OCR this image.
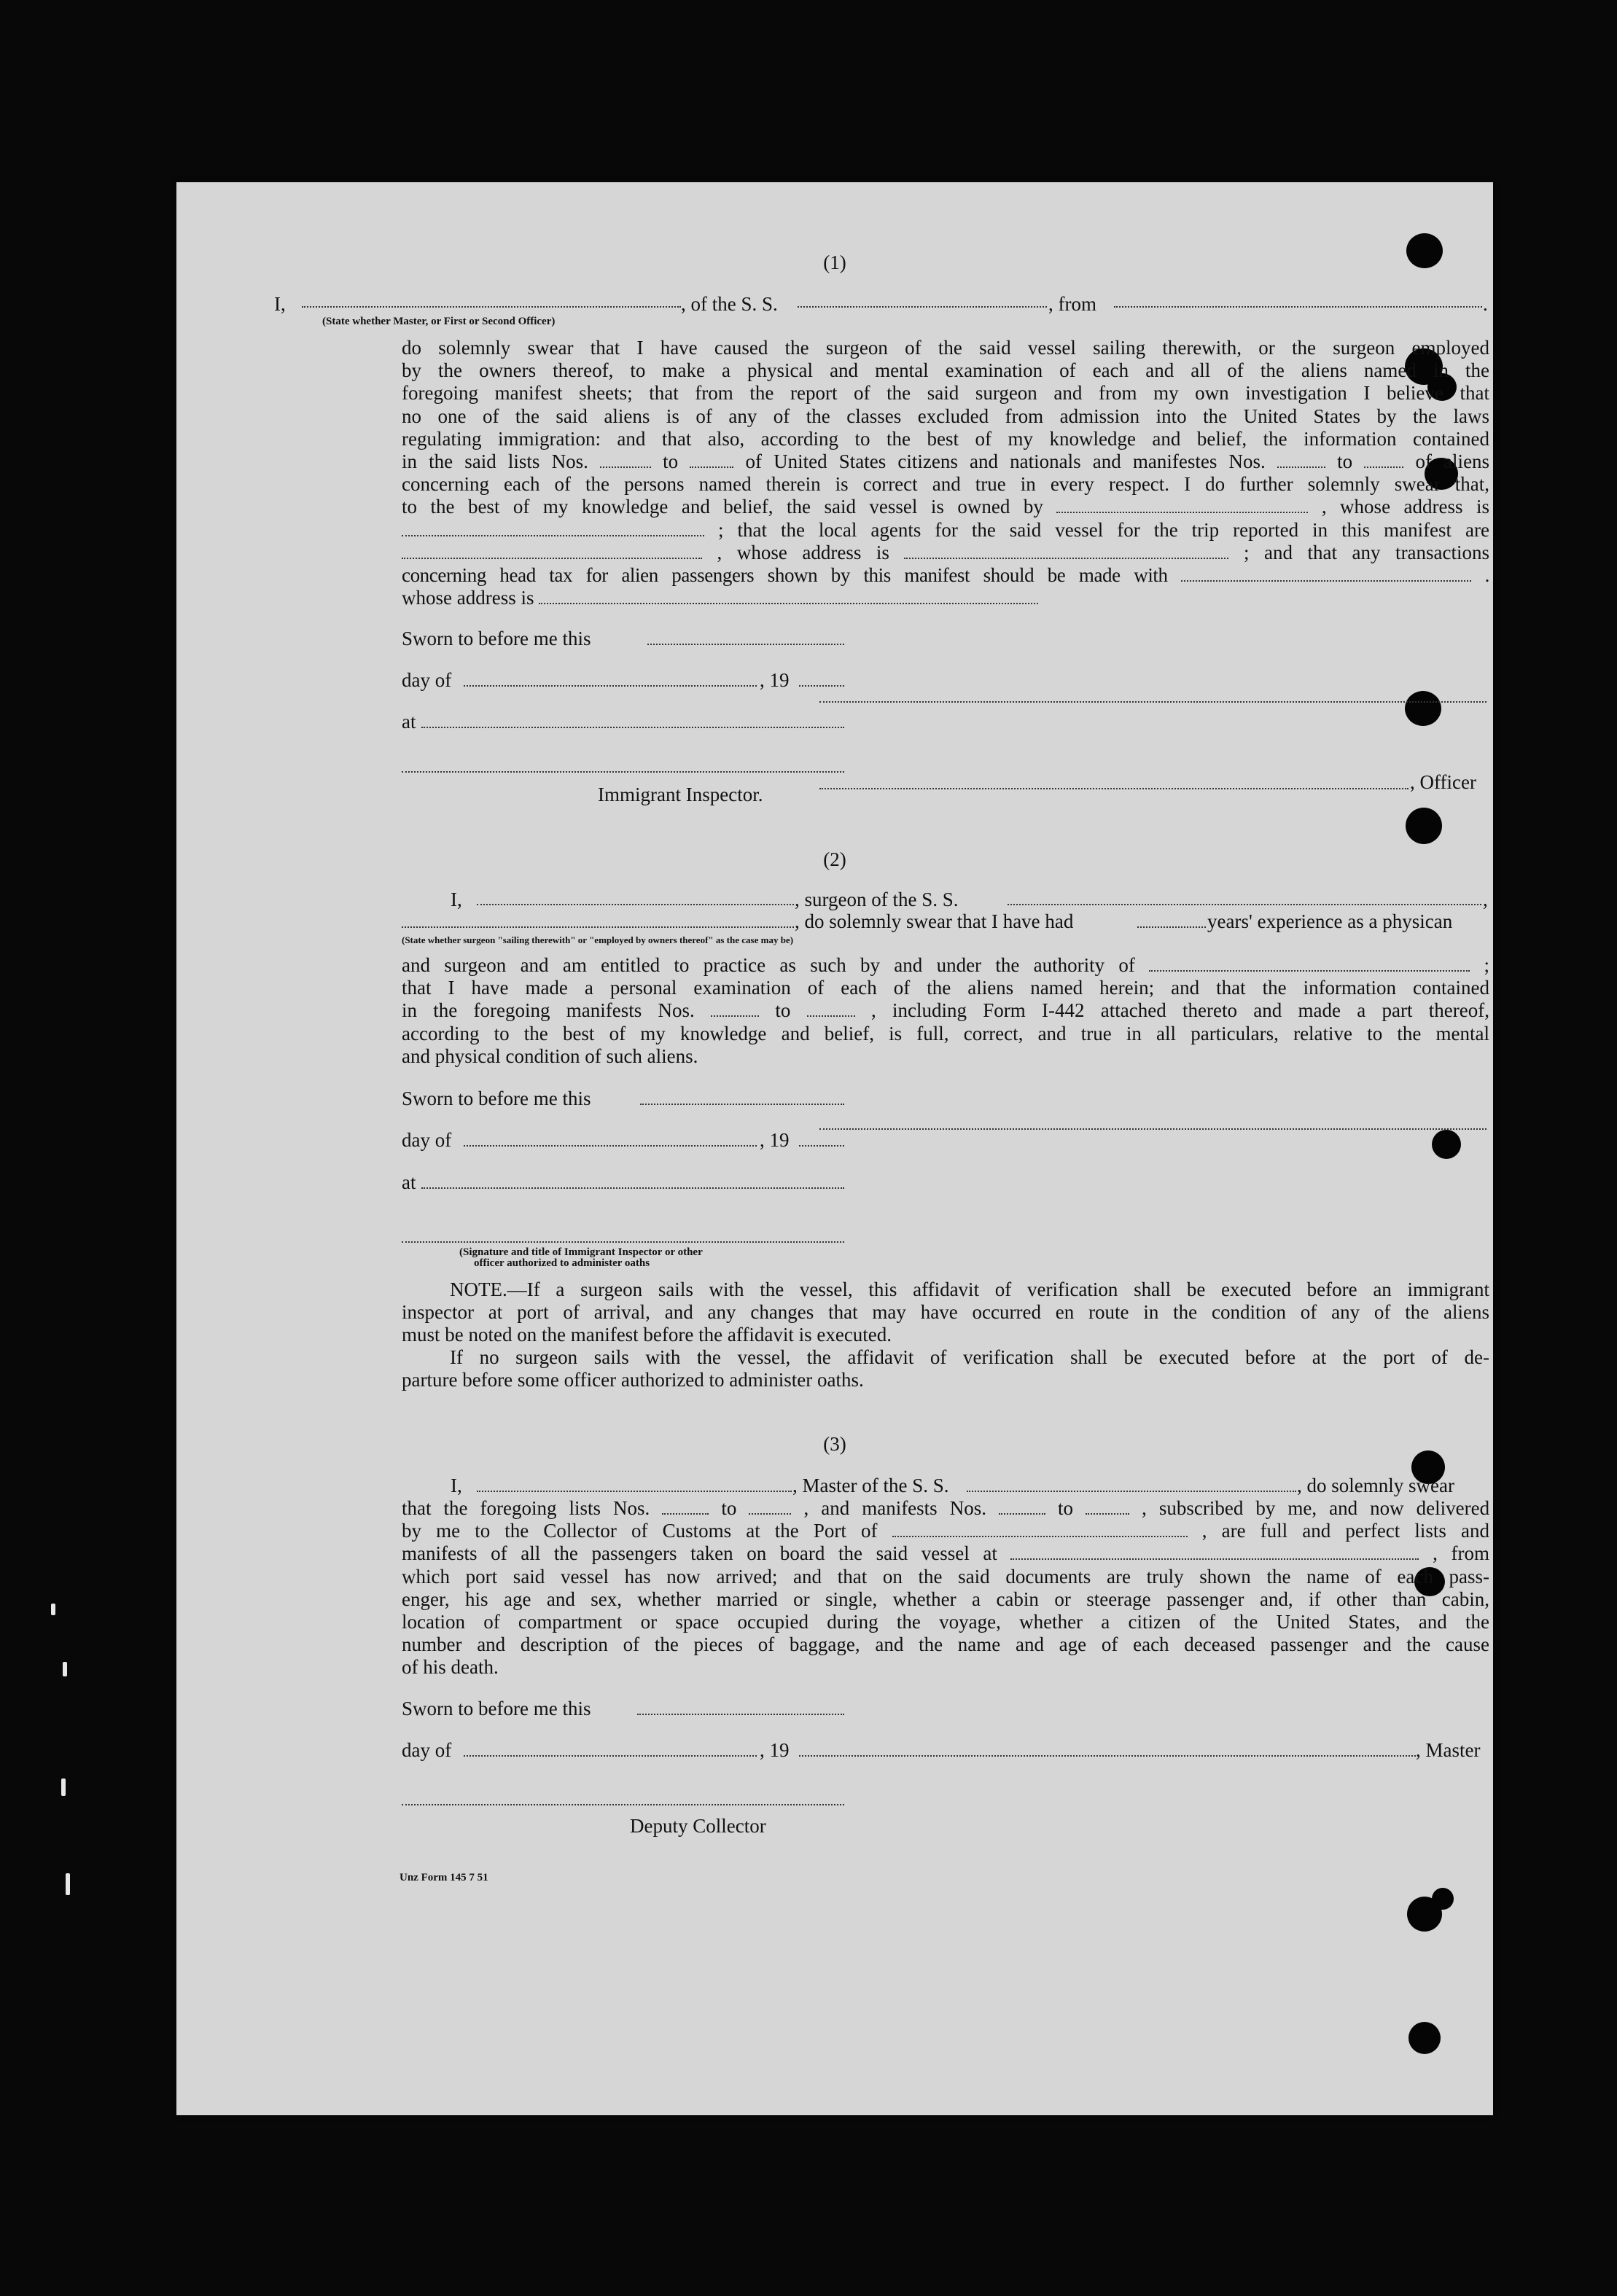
(1)
I,	, of the S. S.	, from	.
(State whether Master, or First or Second Officer)

do solemnly swear that I have caused the surgeon of the said vessel sailing therewith, or the surgeon employed

by the owners thereof, to make a physical and mental examination of each and all of the aliens named in the

foregoing manifest sheets; that from the report of the said surgeon and from my own investigation I believe that

no one of the said aliens is of any of the classes excluded from admission into the United States by the laws

regulating immigration: and that also, according to the best of my knowledge and belief, the information contained

in the said lists Nos.	to	of United States citizens and nationals and manifestes Nos.	to	of aliens

concerning each of the persons named therein is correct and true in every respect. I do further solemnly swear that,

to the best of my knowledge and belief, the said vessel is owned by	, whose address is

; that the local agents for the said vessel for the trip reported in this manifest are

, whose address is	; and that any transactions

concerning head tax for alien passengers shown by this manifest should be made with	.

whose address is

Sworn to before me this
day of	, 19
at
, Officer
Immigrant Inspector.
(2)
I,	, surgeon of the S. S.	,
, do solemnly swear that I have had	years' experience as a physican
(State whether surgeon "sailing therewith" or "employed by owners thereof" as the case may be)

and surgeon and am entitled to practice as such by and under the authority of	;

that I have made a personal examination of each of the aliens named herein; and that the information contained

in the foregoing manifests Nos.	to	, including Form I-442 attached thereto and made a part thereof,

according to the best of my knowledge and belief, is full, correct, and true in all particulars, relative to the mental

and physical condition of such aliens.

Sworn to before me this
day of	, 19
at
(Signature and title of Immigrant Inspector or other
officer authorized to administer oaths

NOTE.—If a surgeon sails with the vessel, this affidavit of verification shall be executed before an immigrant

inspector at port of arrival, and any changes that may have occurred en route in the condition of any of the aliens

must be noted on the manifest before the affidavit is executed.

If no surgeon sails with the vessel, the affidavit of verification shall be executed before at the port of de-

parture before some officer authorized to administer oaths.

(3)
I,	, Master of the S. S.	, do solemnly swear

that the foregoing lists Nos.	to	, and manifests Nos.	to	, subscribed by me, and now delivered

by me to the Collector of Customs at the Port of	, are full and perfect lists and

manifests of all the passengers taken on board the said vessel at	, from

which port said vessel has now arrived; and that on the said documents are truly shown the name of each pass-

enger, his age and sex, whether married or single, whether a cabin or steerage passenger and, if other than cabin,

location of compartment or space occupied during the voyage, whether a citizen of the United States, and the

number and description of the pieces of baggage, and the name and age of each deceased passenger and the cause

of his death.

Sworn to before me this
day of	, 19	, Master
Deputy Collector
Unz Form 145 7 51
